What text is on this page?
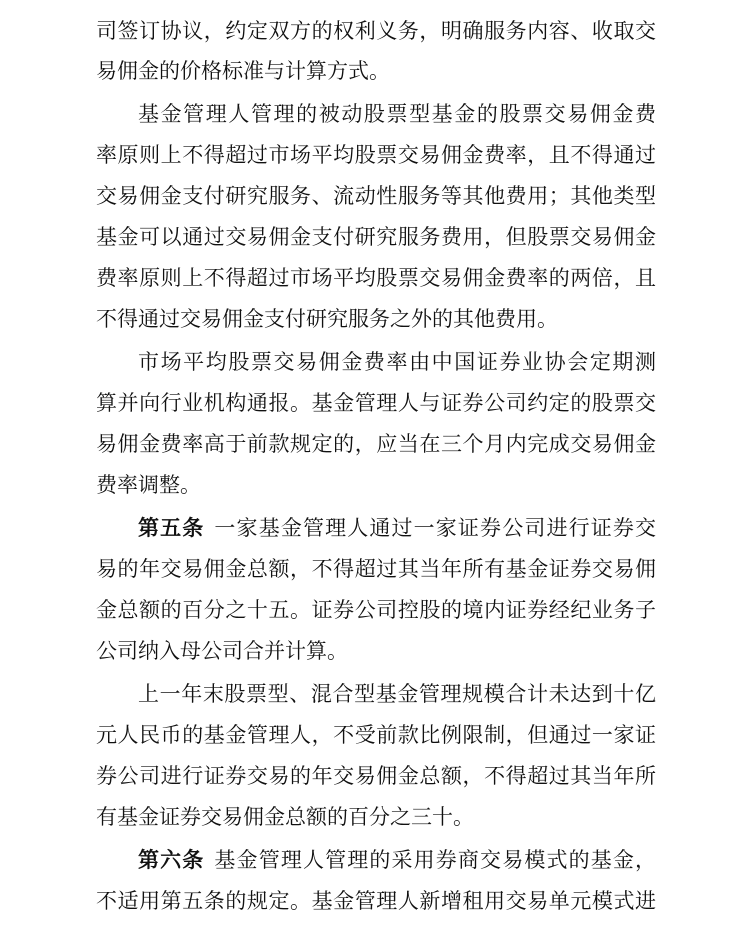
司签订协议，约定双方的权利义务，明确服务内容、收取交
易佣金的价格标准与计算方式。
基金管理人管理的被动股票型基金的股票交易佣金费
率原则上不得超过市场平均股票交易佣金费率，且不得通过
交易佣金支付研究服务、流动性服务等其他费用；其他类型
基金可以通过交易佣金支付研究服务费用，但股票交易佣金
费率原则上不得超过市场平均股票交易佣金费率的两倍，且
不得通过交易佣金支付研究服务之外的其他费用。
市场平均股票交易佣金费率由中国证券业协会定期测
算并向行业机构通报。基金管理人与证券公司约定的股票交
易佣金费率高于前款规定的，应当在三个月内完成交易佣金
费率调整。
第五条 一家基金管理人通过一家证券公司进行证券交
易的年交易佣金总额，不得超过其当年所有基金证券交易佣
金总额的百分之十五。证券公司控股的境内证券经纪业务子
公司纳入母公司合并计算。
上一年末股票型、混合型基金管理规模合计未达到十亿
元人民币的基金管理人，不受前款比例限制，但通过一家证
券公司进行证券交易的年交易佣金总额，不得超过其当年所
有基金证券交易佣金总额的百分之三十。
第六条 基金管理人管理的采用券商交易模式的基金，
不适用第五条的规定。基金管理人新增租用交易单元模式进
